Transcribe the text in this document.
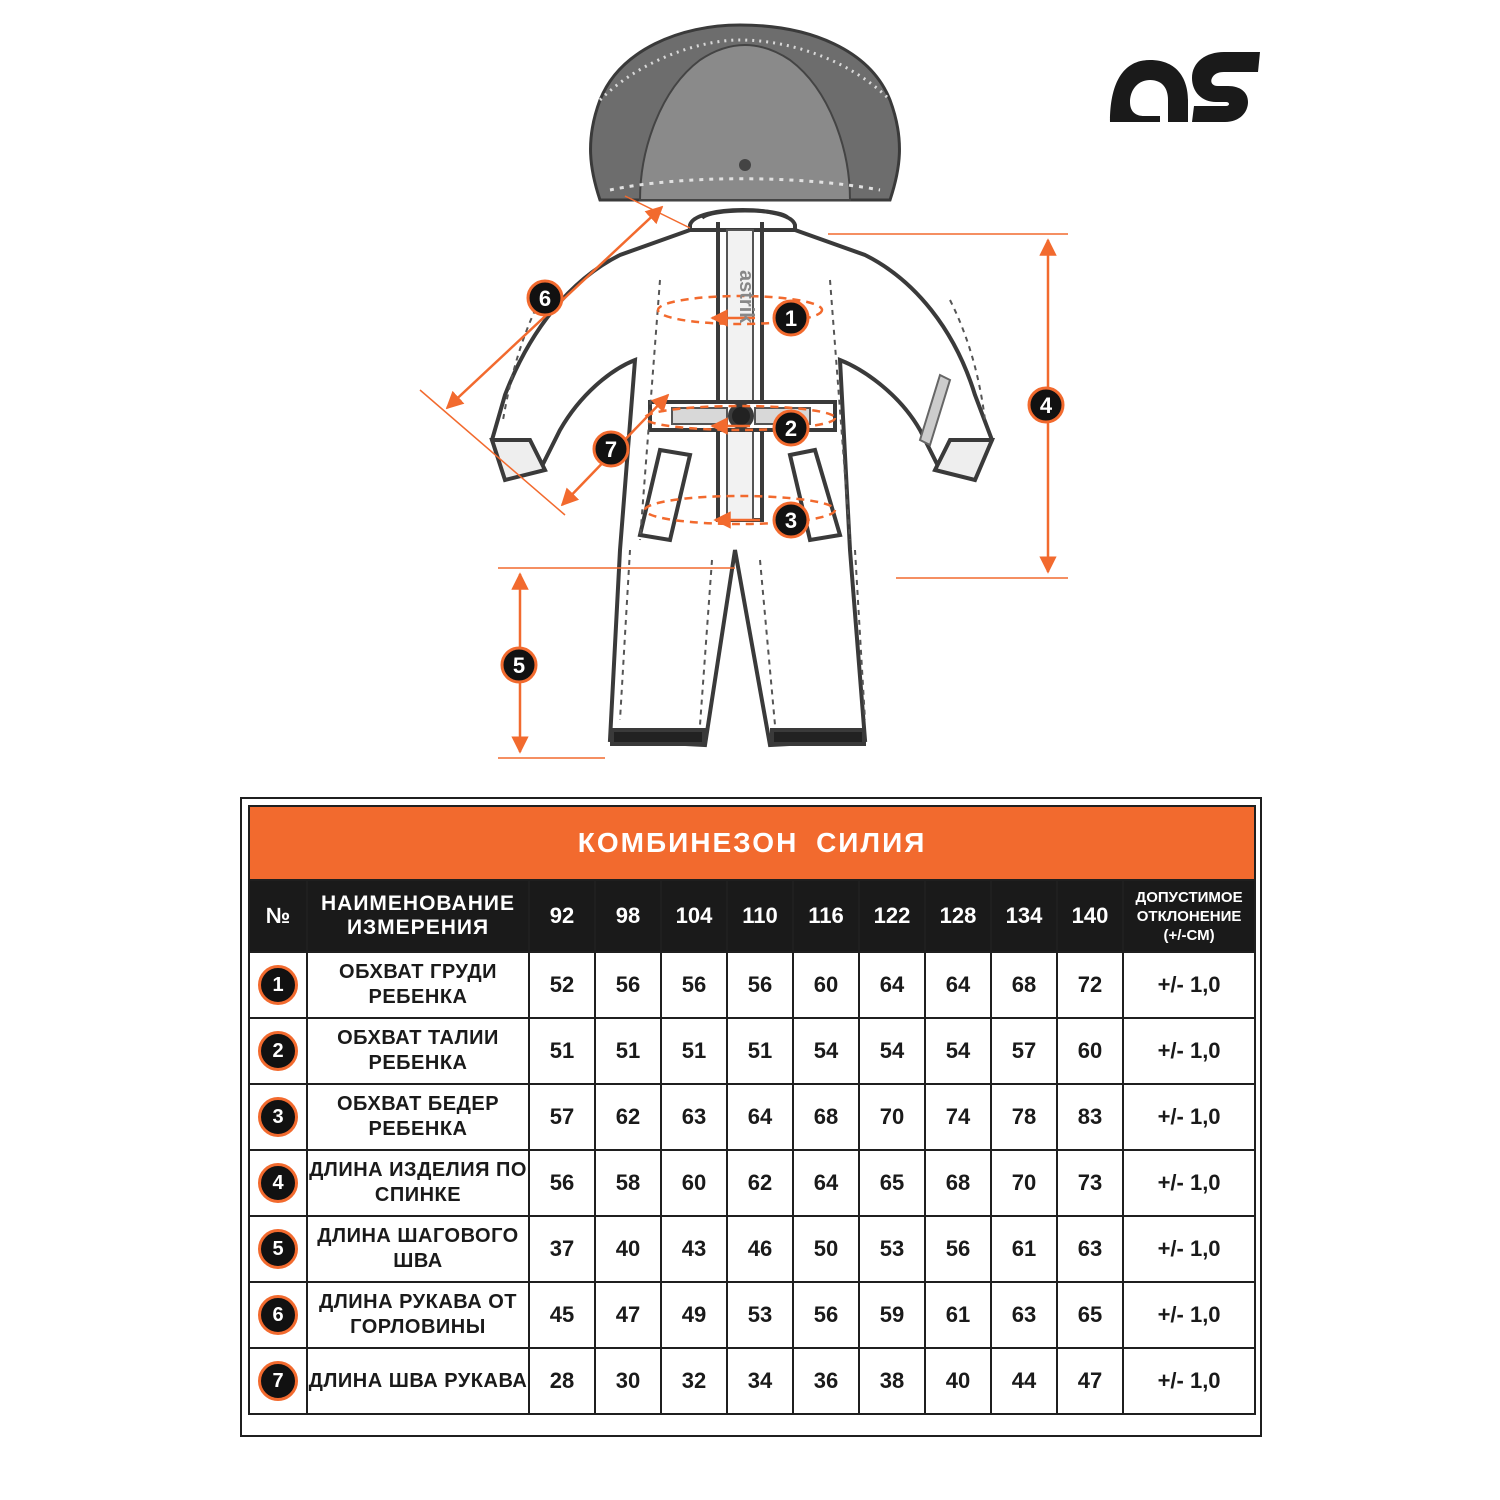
1
2
3
4
5
6
7
astrik
КОМБИНЕЗОН СИЛИЯ											
№	НАИМЕНОВАНИЕ ИЗМЕРЕНИЯ	92	98	104	110	116	122	128	134	140	ДОПУСТИМОЕ ОТКЛОНЕНИЕ (+/-СМ)
1	ОБХВАТ ГРУДИ РЕБЕНКА	52	56	56	56	60	64	64	68	72	+/- 1,0
2	ОБХВАТ ТАЛИИ РЕБЕНКА	51	51	51	51	54	54	54	57	60	+/- 1,0
3	ОБХВАТ БЕДЕР РЕБЕНКА	57	62	63	64	68	70	74	78	83	+/- 1,0
4	ДЛИНА ИЗДЕЛИЯ ПО СПИНКЕ	56	58	60	62	64	65	68	70	73	+/- 1,0
5	ДЛИНА ШАГОВОГО ШВА	37	40	43	46	50	53	56	61	63	+/- 1,0
6	ДЛИНА РУКАВА ОТ ГОРЛОВИНЫ	45	47	49	53	56	59	61	63	65	+/- 1,0
7	ДЛИНА ШВА РУКАВА	28	30	32	34	36	38	40	44	47	+/- 1,0
